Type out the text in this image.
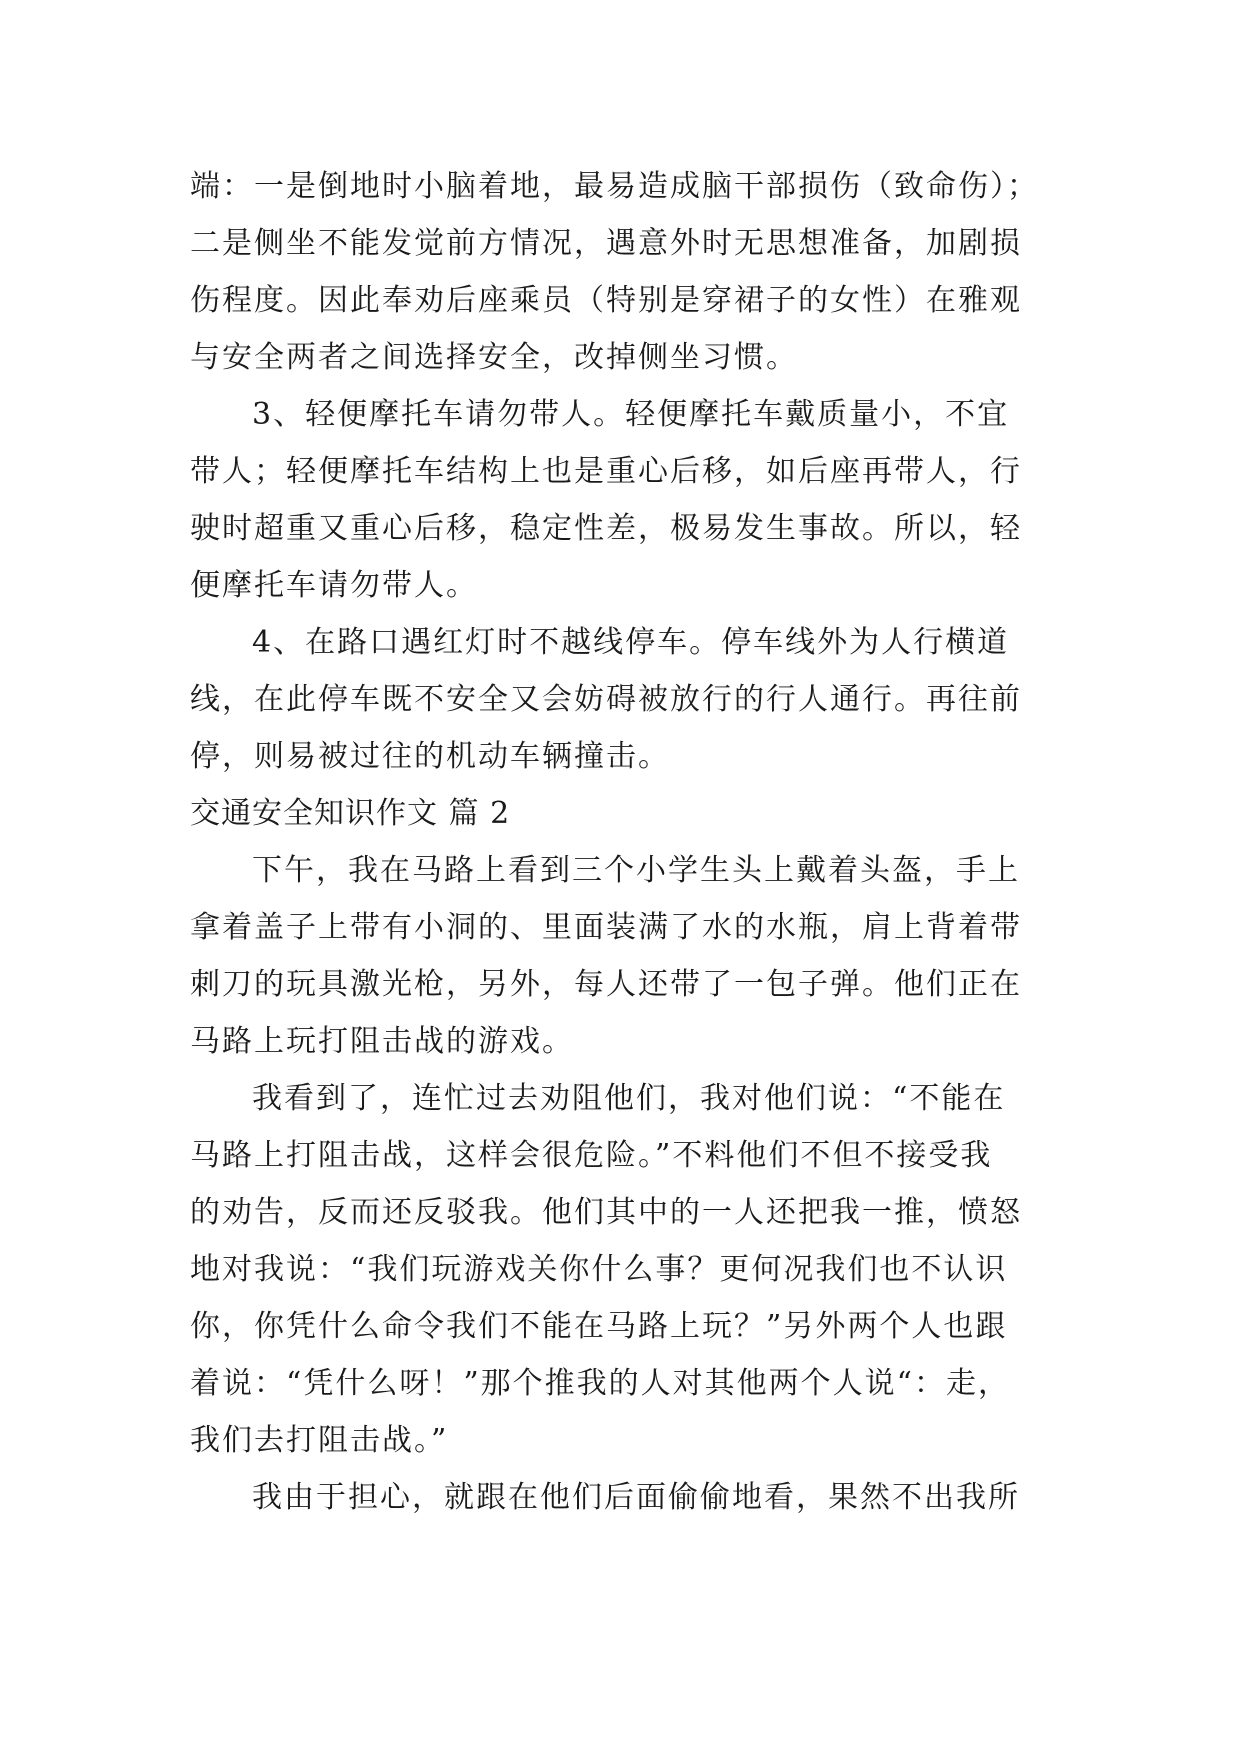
端：一是倒地时小脑着地，最易造成脑干部损伤（致命伤）；
二是侧坐不能发觉前方情况，遇意外时无思想准备，加剧损
伤程度。因此奉劝后座乘员（特别是穿裙子的女性）在雅观
与安全两者之间选择安全，改掉侧坐习惯。
3、轻便摩托车请勿带人。轻便摩托车戴质量小，不宜
带人；轻便摩托车结构上也是重心后移，如后座再带人，行
驶时超重又重心后移，稳定性差，极易发生事故。所以，轻
便摩托车请勿带人。
4、在路口遇红灯时不越线停车。停车线外为人行横道
线，在此停车既不安全又会妨碍被放行的行人通行。再往前
停，则易被过往的机动车辆撞击。
交通安全知识作文 篇 2
下午，我在马路上看到三个小学生头上戴着头盔，手上
拿着盖子上带有小洞的、里面装满了水的水瓶，肩上背着带
刺刀的玩具激光枪，另外，每人还带了一包子弹。他们正在
马路上玩打阻击战的游戏。
我看到了，连忙过去劝阻他们，我对他们说：“不能在
马路上打阻击战，这样会很危险。”不料他们不但不接受我
的劝告，反而还反驳我。他们其中的一人还把我一推，愤怒
地对我说：“我们玩游戏关你什么事？更何况我们也不认识
你，你凭什么命令我们不能在马路上玩？”另外两个人也跟
着说：“凭什么呀！”那个推我的人对其他两个人说“：走，
我们去打阻击战。”
我由于担心，就跟在他们后面偷偷地看，果然不出我所
